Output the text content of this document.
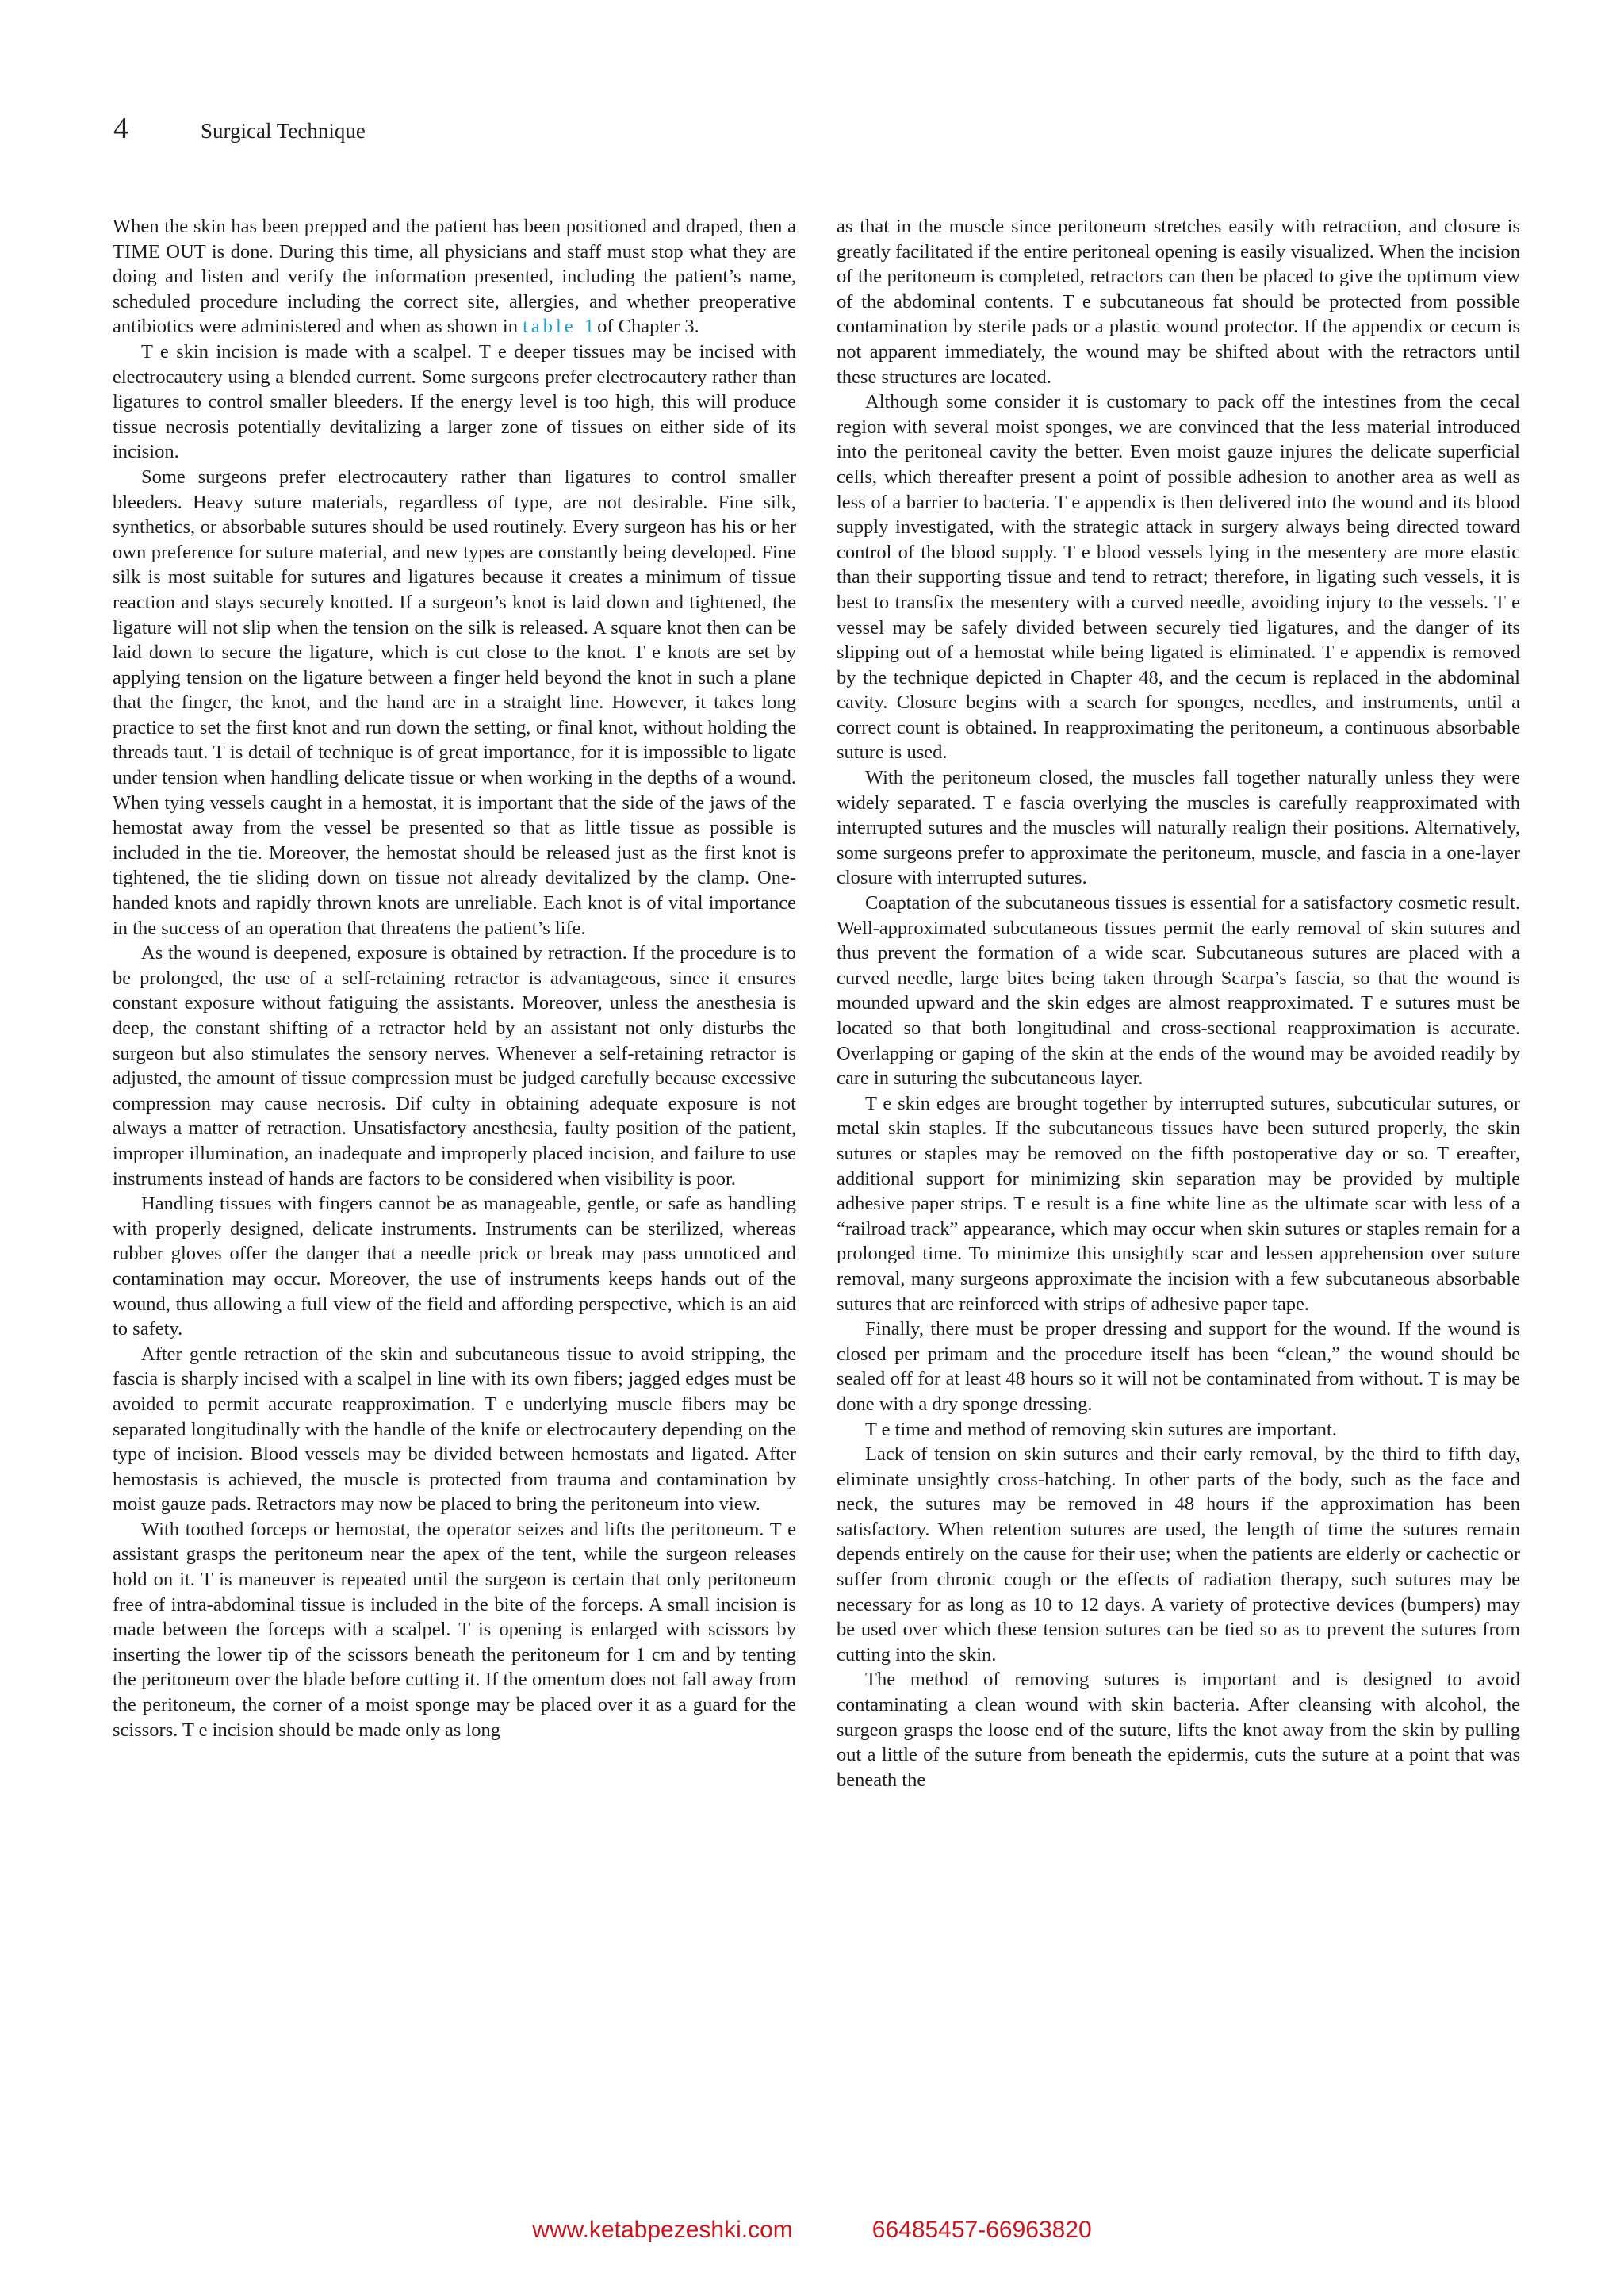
4	Surgical Technique

When the skin has been prepped and the patient has been positioned and draped, then a TIME OUT is done. During this time, all physicians and staff must stop what they are doing and listen and verify the information presented, including the patient’s name, scheduled procedure including the correct site, allergies, and whether preoperative antibiotics were administered and when as shown in table 1of Chapter 3.

T e skin incision is made with a scalpel. T e deeper tissues may be incised with electrocautery using a blended current. Some surgeons prefer electrocautery rather than ligatures to control smaller bleeders. If the energy level is too high, this will produce tissue necrosis potentially devitalizing a larger zone of tissues on either side of its incision.

Some surgeons prefer electrocautery rather than ligatures to control smaller bleeders. Heavy suture materials, regardless of type, are not desirable. Fine silk, synthetics, or absorbable sutures should be used routinely. Every surgeon has his or her own preference for suture material, and new types are constantly being developed. Fine silk is most suitable for sutures and ligatures because it creates a minimum of tissue reaction and stays securely knotted. If a surgeon’s knot is laid down and tightened, the ligature will not slip when the tension on the silk is released. A square knot then can be laid down to secure the ligature, which is cut close to the knot. T e knots are set by applying tension on the ligature between a finger held beyond the knot in such a plane that the finger, the knot, and the hand are in a straight line. However, it takes long practice to set the first knot and run down the setting, or final knot, without holding the threads taut. T is detail of technique is of great importance, for it is impossible to ligate under tension when handling delicate tissue or when working in the depths of a wound. When tying vessels caught in a hemostat, it is important that the side of the jaws of the hemostat away from the vessel be presented so that as little tissue as possible is included in the tie. Moreover, the hemostat should be released just as the first knot is tightened, the tie sliding down on tissue not already devitalized by the clamp. One-handed knots and rapidly thrown knots are unreliable. Each knot is of vital importance in the success of an operation that threatens the patient’s life.

As the wound is deepened, exposure is obtained by retraction. If the procedure is to be prolonged, the use of a self-retaining retractor is advantageous, since it ensures constant exposure without fatiguing the assistants. Moreover, unless the anesthesia is deep, the constant shifting of a retractor held by an assistant not only disturbs the surgeon but also stimulates the sensory nerves. Whenever a self-retaining retractor is adjusted, the amount of tissue compression must be judged carefully because excessive compression may cause necrosis. Dif culty in obtaining adequate exposure is not always a matter of retraction. Unsatisfactory anesthesia, faulty position of the patient, improper illumination, an inadequate and improperly placed incision, and failure to use instruments instead of hands are factors to be considered when visibility is poor.

Handling tissues with fingers cannot be as manageable, gentle, or safe as handling with properly designed, delicate instruments. Instruments can be sterilized, whereas rubber gloves offer the danger that a needle prick or break may pass unnoticed and contamination may occur. Moreover, the use of instruments keeps hands out of the wound, thus allowing a full view of the field and affording perspective, which is an aid to safety.

After gentle retraction of the skin and subcutaneous tissue to avoid stripping, the fascia is sharply incised with a scalpel in line with its own fibers; jagged edges must be avoided to permit accurate reapproximation. T e underlying muscle fibers may be separated longitudinally with the handle of the knife or electrocautery depending on the type of incision. Blood vessels may be divided between hemostats and ligated. After hemostasis is achieved, the muscle is protected from trauma and contamination by moist gauze pads. Retractors may now be placed to bring the peritoneum into view.

With toothed forceps or hemostat, the operator seizes and lifts the peritoneum. T e assistant grasps the peritoneum near the apex of the tent, while the surgeon releases hold on it. T is maneuver is repeated until the surgeon is certain that only peritoneum free of intra-abdominal tissue is included in the bite of the forceps. A small incision is made between the forceps with a scalpel. T is opening is enlarged with scissors by inserting the lower tip of the scissors beneath the peritoneum for 1 cm and by tenting the peritoneum over the blade before cutting it. If the omentum does not fall away from the peritoneum, the corner of a moist sponge may be placed over it as a guard for the scissors. T e incision should be made only as long

as that in the muscle since peritoneum stretches easily with retraction, and closure is greatly facilitated if the entire peritoneal opening is easily visualized. When the incision of the peritoneum is completed, retractors can then be placed to give the optimum view of the abdominal contents. T e subcutaneous fat should be protected from possible contamination by sterile pads or a plastic wound protector. If the appendix or cecum is not apparent immediately, the wound may be shifted about with the retractors until these structures are located.

Although some consider it is customary to pack off the intestines from the cecal region with several moist sponges, we are convinced that the less material introduced into the peritoneal cavity the better. Even moist gauze injures the delicate superficial cells, which thereafter present a point of possible adhesion to another area as well as less of a barrier to bacteria. T e appendix is then delivered into the wound and its blood supply investigated, with the strategic attack in surgery always being directed toward control of the blood supply. T e blood vessels lying in the mesentery are more elastic than their supporting tissue and tend to retract; therefore, in ligating such vessels, it is best to transfix the mesentery with a curved needle, avoiding injury to the vessels. T e vessel may be safely divided between securely tied ligatures, and the danger of its slipping out of a hemostat while being ligated is eliminated. T e appendix is removed by the technique depicted in Chapter 48, and the cecum is replaced in the abdominal cavity. Closure begins with a search for sponges, needles, and instruments, until a correct count is obtained. In reapproximating the peritoneum, a continuous absorbable suture is used.

With the peritoneum closed, the muscles fall together naturally unless they were widely separated. T e fascia overlying the muscles is carefully reapproximated with interrupted sutures and the muscles will naturally realign their positions. Alternatively, some surgeons prefer to approximate the peritoneum, muscle, and fascia in a one-layer closure with interrupted sutures.

Coaptation of the subcutaneous tissues is essential for a satisfactory cosmetic result. Well-approximated subcutaneous tissues permit the early removal of skin sutures and thus prevent the formation of a wide scar. Subcutaneous sutures are placed with a curved needle, large bites being taken through Scarpa’s fascia, so that the wound is mounded upward and the skin edges are almost reapproximated. T e sutures must be located so that both longitudinal and cross-sectional reapproximation is accurate. Overlapping or gaping of the skin at the ends of the wound may be avoided readily by care in suturing the subcutaneous layer.

T e skin edges are brought together by interrupted sutures, subcuticular sutures, or metal skin staples. If the subcutaneous tissues have been sutured properly, the skin sutures or staples may be removed on the fifth postoperative day or so. T ereafter, additional support for minimizing skin separation may be provided by multiple adhesive paper strips. T e result is a fine white line as the ultimate scar with less of a “railroad track” appearance, which may occur when skin sutures or staples remain for a prolonged time. To minimize this unsightly scar and lessen apprehension over suture removal, many surgeons approximate the incision with a few subcutaneous absorbable sutures that are reinforced with strips of adhesive paper tape.

Finally, there must be proper dressing and support for the wound. If the wound is closed per primam and the procedure itself has been “clean,” the wound should be sealed off for at least 48 hours so it will not be contaminated from without. T is may be done with a dry sponge dressing.

T e time and method of removing skin sutures are important.

Lack of tension on skin sutures and their early removal, by the third to fifth day, eliminate unsightly cross-hatching. In other parts of the body, such as the face and neck, the sutures may be removed in 48 hours if the approximation has been satisfactory. When retention sutures are used, the length of time the sutures remain depends entirely on the cause for their use; when the patients are elderly or cachectic or suffer from chronic cough or the effects of radiation therapy, such sutures may be necessary for as long as 10 to 12 days. A variety of protective devices (bumpers) may be used over which these tension sutures can be tied so as to prevent the sutures from cutting into the skin.

The method of removing sutures is important and is designed to avoid contaminating a clean wound with skin bacteria. After cleansing with alcohol, the surgeon grasps the loose end of the suture, lifts the knot away from the skin by pulling out a little of the suture from beneath the epidermis, cuts the suture at a point that was beneath the

www.ketabpezeshki.com	66485457-66963820
